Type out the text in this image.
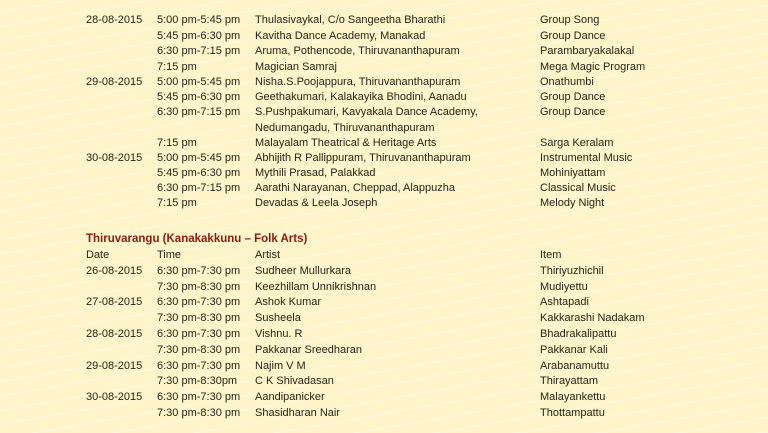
28-08-2015 5:00 pm-5:45 pm Thulasivaykal, C/o Sangeetha Bharathi	Group Song
5:45 pm-6:30 pm Kavitha Dance Academy, Manakad	Group Dance
6:30 pm-7:15 pm Aruma, Pothencode, Thiruvananthapuram	Parambaryakalakal
7:15 pm	Magician Samraj	Mega Magic Program
29-08-2015 5:00 pm-5:45 pm Nisha.S.Poojappura, Thiruvananthapuram	Onathumbi
5:45 pm-6:30 pm Geethakumari, Kalakayika Bhodini, Aanadu	Group Dance
6:30 pm-7:15 pm S.Pushpakumari, Kavyakala Dance Academy,	Group Dance
Nedumangadu, Thiruvananthapuram
7:15 pm	Malayalam Theatrical & Heritage Arts	Sarga Keralam
30-08-2015 5:00 pm-5:45 pm Abhijith R Pallippuram, Thiruvananthapuram	Instrumental Music
5:45 pm-6:30 pm Mythili Prasad, Palakkad	Mohiniyattam
6:30 pm-7:15 pm Aarathi Narayanan, Cheppad, Alappuzha	Classical Music
7:15 pm	Devadas & Leela Joseph	Melody Night
Thiruvarangu (Kanakakkunu – Folk Arts)
Date	Time	Artist	Item
26-08-2015 6:30 pm-7:30 pm Sudheer Mullurkara	Thiriyuzhichil
7:30 pm-8:30 pm Keezhillam Unnikrishnan	Mudiyettu
27-08-2015 6:30 pm-7:30 pm Ashok Kumar	Ashtapadi
7:30 pm-8:30 pm Susheela	Kakkarashi Nadakam
28-08-2015 6:30 pm-7:30 pm Vishnu. R	Bhadrakalipattu
7:30 pm-8:30 pm Pakkanar Sreedharan	Pakkanar Kali
29-08-2015 6:30 pm-7:30 pm Najim V M	Arabanamuttu
7:30 pm-8:30pm C K Shivadasan	Thirayattam
30-08-2015 6:30 pm-7:30 pm Aandipanicker	Malayankettu
7:30 pm-8:30 pm Shasidharan Nair	Thottampattu
